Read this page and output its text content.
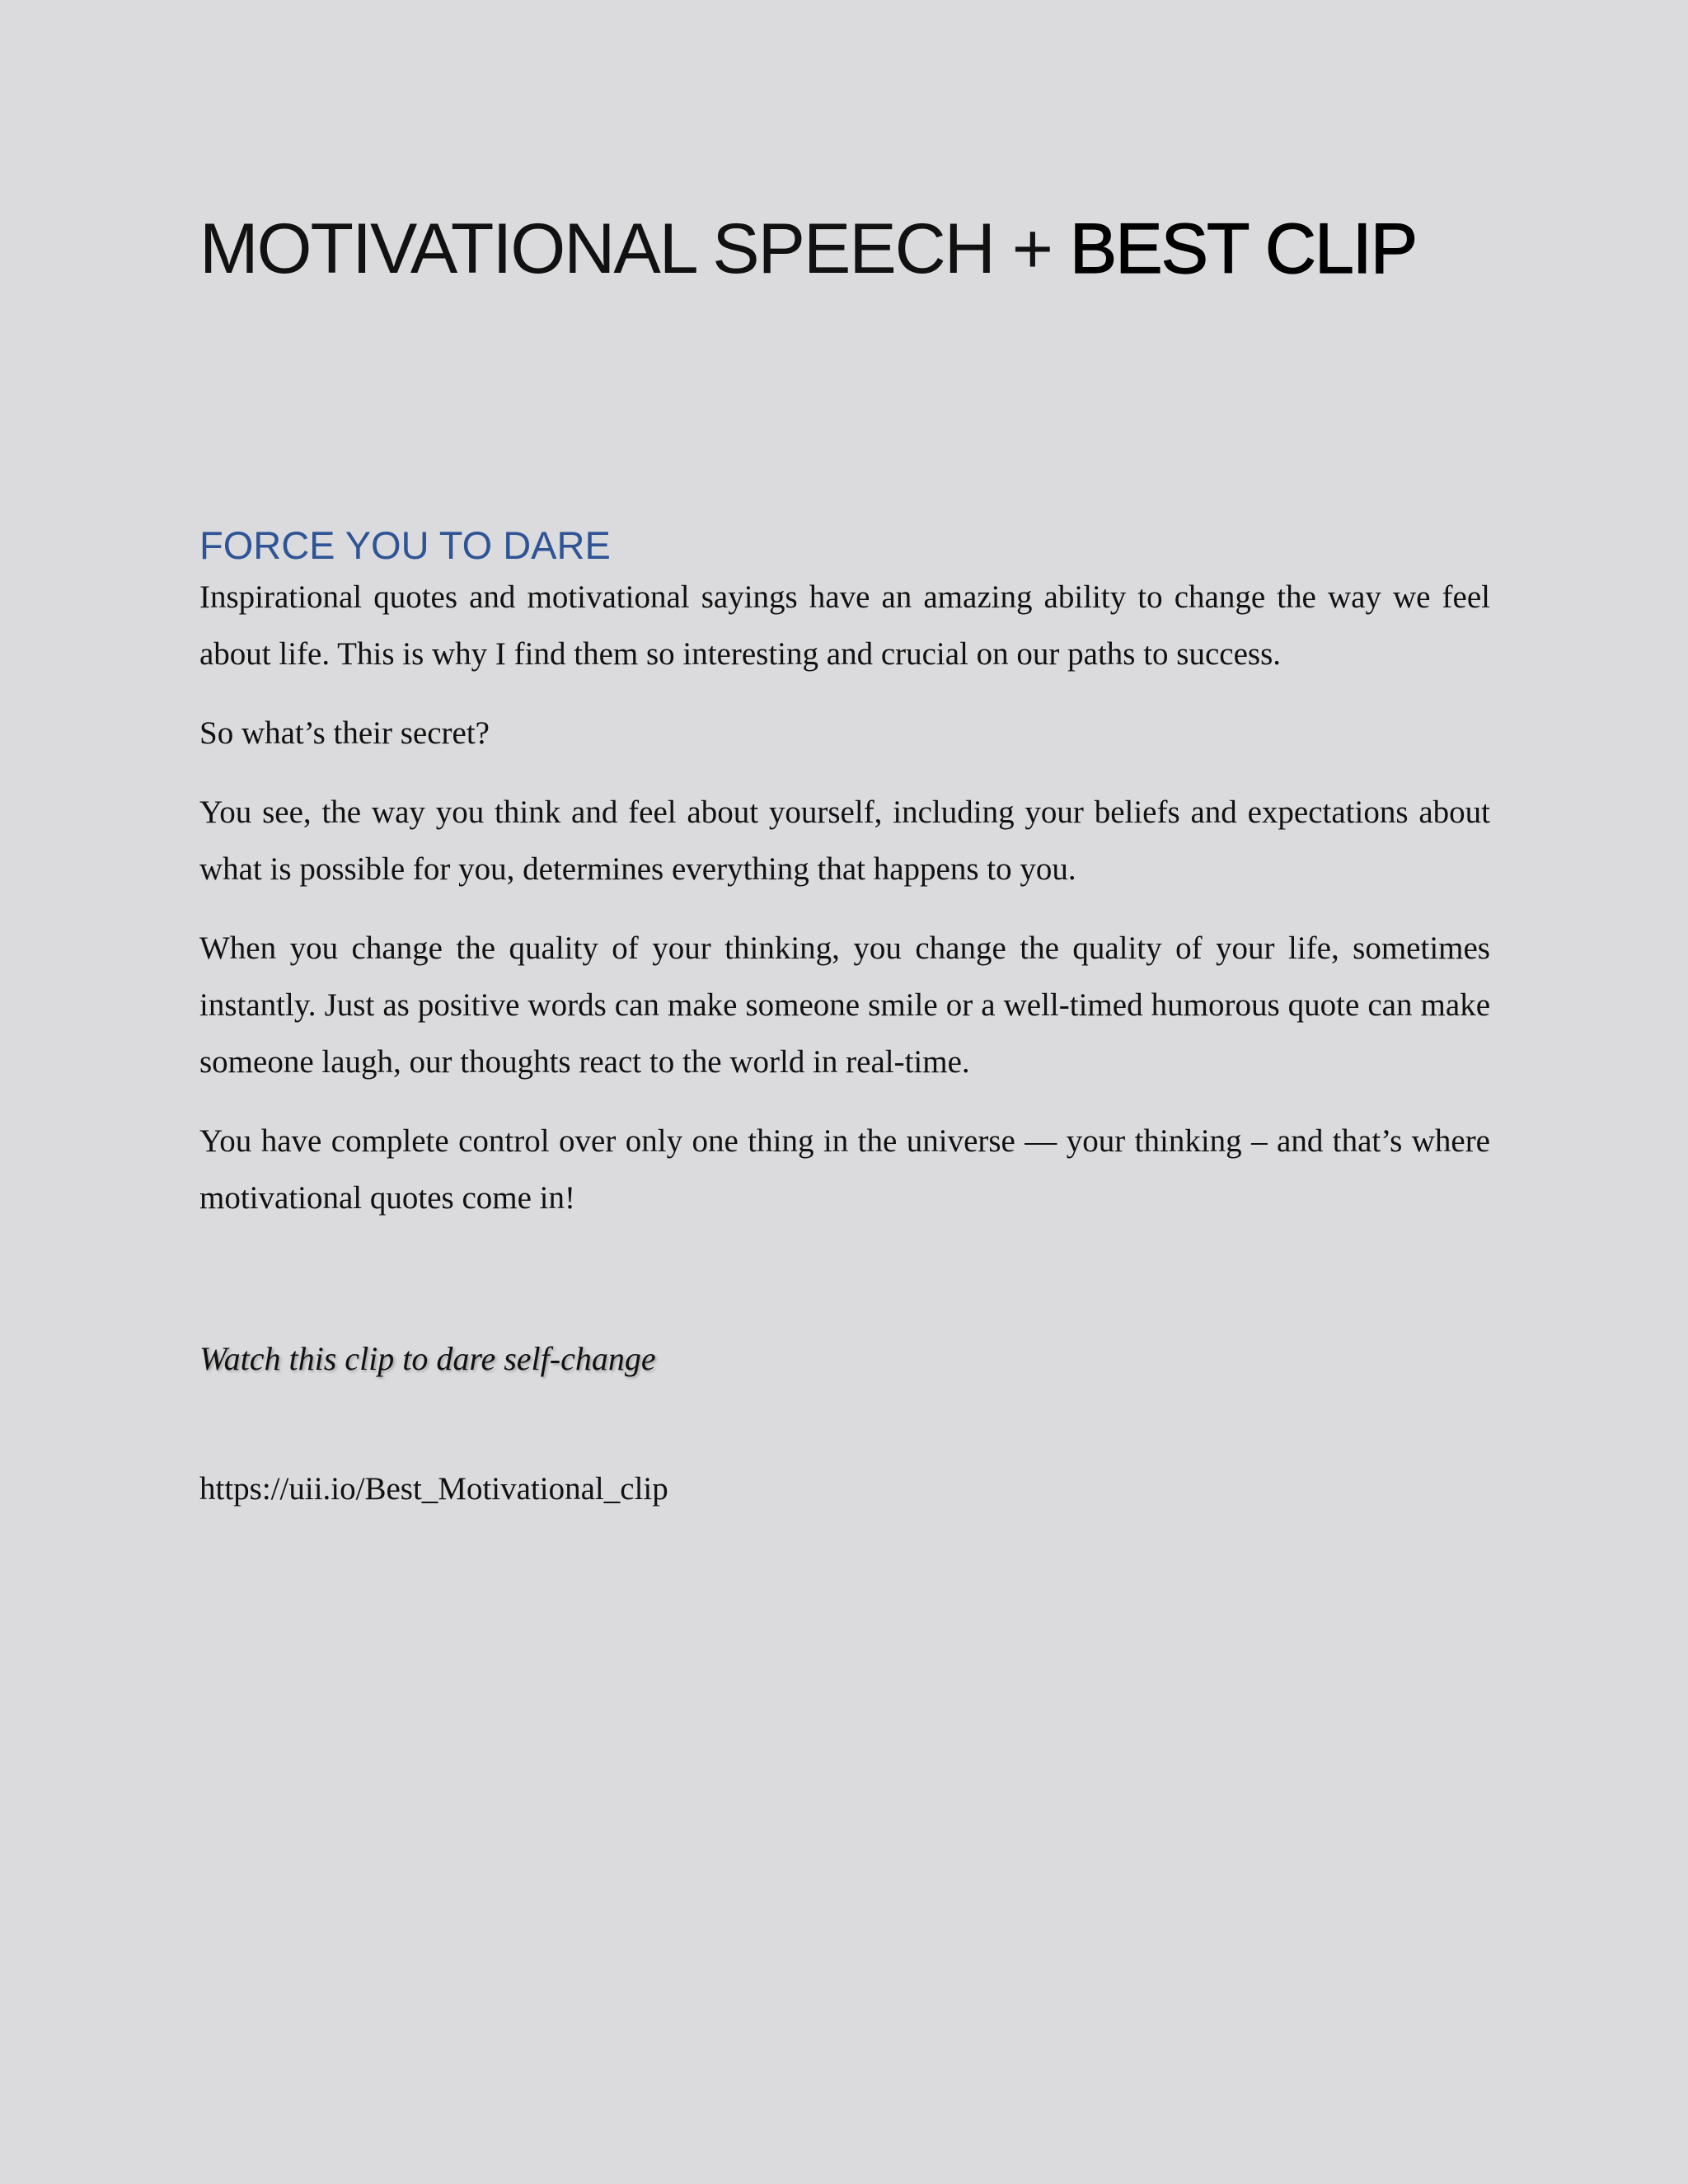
MOTIVATIONAL SPEECH + BEST CLIP
FORCE YOU TO DARE

Inspirational quotes and motivational sayings have an amazing ability to change the way we feel about life. This is why I find them so interesting and crucial on our paths to success.

So what’s their secret?

You see, the way you think and feel about yourself, including your beliefs and expectations about what is possible for you, determines everything that happens to you.

When you change the quality of your thinking, you change the quality of your life, sometimes instantly. Just as positive words can make someone smile or a well-timed humorous quote can make someone laugh, our thoughts react to the world in real-time.

You have complete control over only one thing in the universe — your thinking – and that’s where motivational quotes come in!

Watch this clip to dare self-change

https://uii.io/Best_Motivational_clip
